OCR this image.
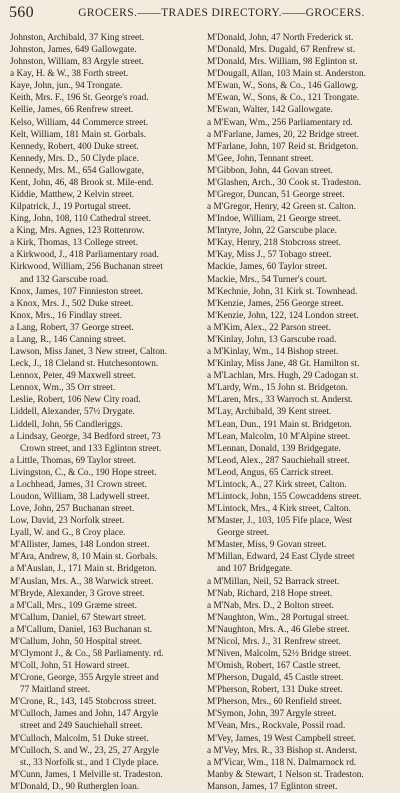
560	GROCERS.——TRADES DIRECTORY.——GROCERS.
Johnston, Archibald, 37 King street.
Johnston, James, 649 Gallowgate.
Johnston, William, 83 Argyle street.
a Kay, H. & W., 38 Forth street.
Kaye, John, jun., 94 Trongate.
Keith, Mrs. F., 196 St. George's road.
Kellie, James, 66 Renfrew street.
Kelso, William, 44 Commerce street.
Kelt, William, 181 Main st. Gorbals.
Kennedy, Robert, 400 Duke street.
Kennedy, Mrs. D., 50 Clyde place.
Kennedy, Mrs. M., 654 Gallowgate,
Kent, John, 46, 48 Brook st. Mile-end.
Kiddie, Matthew, 2 Kelvin street.
Kilpatrick, J., 19 Portugal street.
King, John, 108, 110 Cathedral street.
a King, Mrs. Agnes, 123 Rottenrow.
a Kirk, Thomas, 13 College street.
a Kirkwood, J., 418 Parliamentary road.
Kirkwood, William, 256 Buchanan street
and 132 Garscube road.
Knox, James, 107 Finnieston street.
a Knox, Mrs. J., 502 Duke street.
Knox, Mrs., 16 Findlay street.
a Lang, Robert, 37 George street.
a Lang, R., 146 Canning street.
Lawson, Miss Janet, 3 New street, Calton.
Leck, J., 18 Cleland st. Hutchesontown.
Lennox, Peter, 49 Maxwell street.
Lennox, Wm., 35 Orr street.
Leslie, Robert, 106 New City road.
Liddell, Alexander, 57½ Drygate.
Liddell, John, 56 Candleriggs.
a Lindsay, George, 34 Bedford street, 73
Crown street, and 133 Eglinton street.
a Little, Thomas, 69 Taylor street.
Livingston, C., & Co., 190 Hope street.
a Lochhead, James, 31 Crown street.
Loudon, William, 38 Ladywell street.
Love, John, 257 Buchanan street.
Low, David, 23 Norfolk street.
Lyall, W. and G., 8 Croy place.
M'Allister, James, 148 London street.
M'Ara, Andrew, 8, 10 Main st. Gorbals.
a M'Auslan, J., 171 Main st. Bridgeton.
M'Auslan, Mrs. A., 38 Warwick street.
M'Bryde, Alexander, 3 Grove street.
a M'Call, Mrs., 109 Græme street.
M'Callum, Daniel, 67 Stewart street.
a M'Callum, Daniel, 163 Buchanan st.
M'Callum, John, 50 Hospital street.
M'Clymont J., & Co., 58 Parliamenty. rd.
M'Coll, John, 51 Howard street.
M'Crone, George, 355 Argyle street and
77 Maitland street.
M'Crone, R., 143, 145 Stobcross street.
M'Culloch, James and John, 147 Argyle
street and 249 Sauchiehall street.
M'Culloch, Malcolm, 51 Duke street.
M'Culloch, S. and W., 23, 25, 27 Argyle
st., 33 Norfolk st., and 1 Clyde place.
M'Cunn, James, 1 Melville st. Tradeston.
M'Donald, D., 90 Rutherglen loan.
M'Donald, John, 47 North Frederick st.
M'Donald, Mrs. Dugald, 67 Renfrew st.
M'Donald, Mrs. William, 98 Eglinton st.
M'Dougall, Allan, 103 Main st. Anderston.
M'Ewan, W., Sons, & Co., 146 Gallowg.
M'Ewan, W., Sons, & Co., 121 Trongate.
M'Ewan, Walter, 142 Gallowgate.
a M'Ewan, Wm., 256 Parliamentary rd.
a M'Farlane, James, 20, 22 Bridge street.
M'Farlane, John, 107 Reid st. Bridgeton.
M'Gee, John, Tennant street.
M'Gibbon, John, 44 Govan street.
M'Glashen, Arch., 30 Cook st. Tradeston.
M'Gregor, Duncan, 51 George street.
a M'Gregor, Henry, 42 Green st. Calton.
M'Indoe, William, 21 George street.
M'Intyre, John, 22 Garscube place.
M'Kay, Henry, 218 Stobcross street.
M'Kay, Miss J., 57 Tobago street.
Mackie, James, 60 Taylor street.
Mackie, Mrs., 54 Turner's court.
M'Kechnie, John, 31 Kirk st. Townhead.
M'Kenzie, James, 256 George street.
M'Kenzie, John, 122, 124 London street.
a M'Kim, Alex., 22 Parson street.
M'Kinlay, John, 13 Garscube road.
a M'Kinlay, Wm., 14 Bishop street.
M'Kinlay, Miss Jane, 48 Gt. Hamilton st.
a M'Lachlan, Mrs. Hugh, 29 Cadogan st.
M'Lardy, Wm., 15 John st. Bridgeton.
M'Laren, Mrs., 33 Warroch st. Anderst.
M'Lay, Archibald, 39 Kent street.
M'Lean, Dun., 191 Main st. Bridgeton.
M'Lean, Malcolm, 10 M'Alpine street.
M'Lennan, Donald, 139 Bridgegate.
M'Leod, Alex., 287 Sauchiehall street.
M'Leod, Angus, 65 Carrick street.
M'Lintock, A., 27 Kirk street, Calton.
M'Lintock, John, 155 Cowcaddens street.
M'Lintock, Mrs., 4 Kirk street, Calton.
M'Master, J., 103, 105 Fife place, West
George street.
M'Master, Miss, 9 Govan street.
M'Millan, Edward, 24 East Clyde street
and 107 Bridgegate.
a M'Millan, Neil, 52 Barrack street.
M'Nab, Richard, 218 Hope street.
a M'Nab, Mrs. D., 2 Bolton street.
M'Naughton, Wm., 28 Portugal street.
M'Naughton, Mrs. A., 46 Glebe street.
M'Nicol, Mrs. J., 31 Renfrew street.
M'Niven, Malcolm, 52½ Bridge street.
M'Omish, Robert, 167 Castle street.
M'Pherson, Dugald, 45 Castle street.
M'Pherson, Robert, 131 Duke street.
M'Pherson, Mrs., 60 Renfield street.
M'Symon, John, 397 Argyle street.
M'Vean, Mrs., Rockvale, Possil road.
M'Vey, James, 19 West Campbell street.
a M'Vey, Mrs. R., 33 Bishop st. Anderst.
a M'Vicar, Wm., 118 N. Dalmarnock rd.
Manby & Stewart, 1 Nelson st. Tradeston.
Manson, James, 17 Eglinton street.
